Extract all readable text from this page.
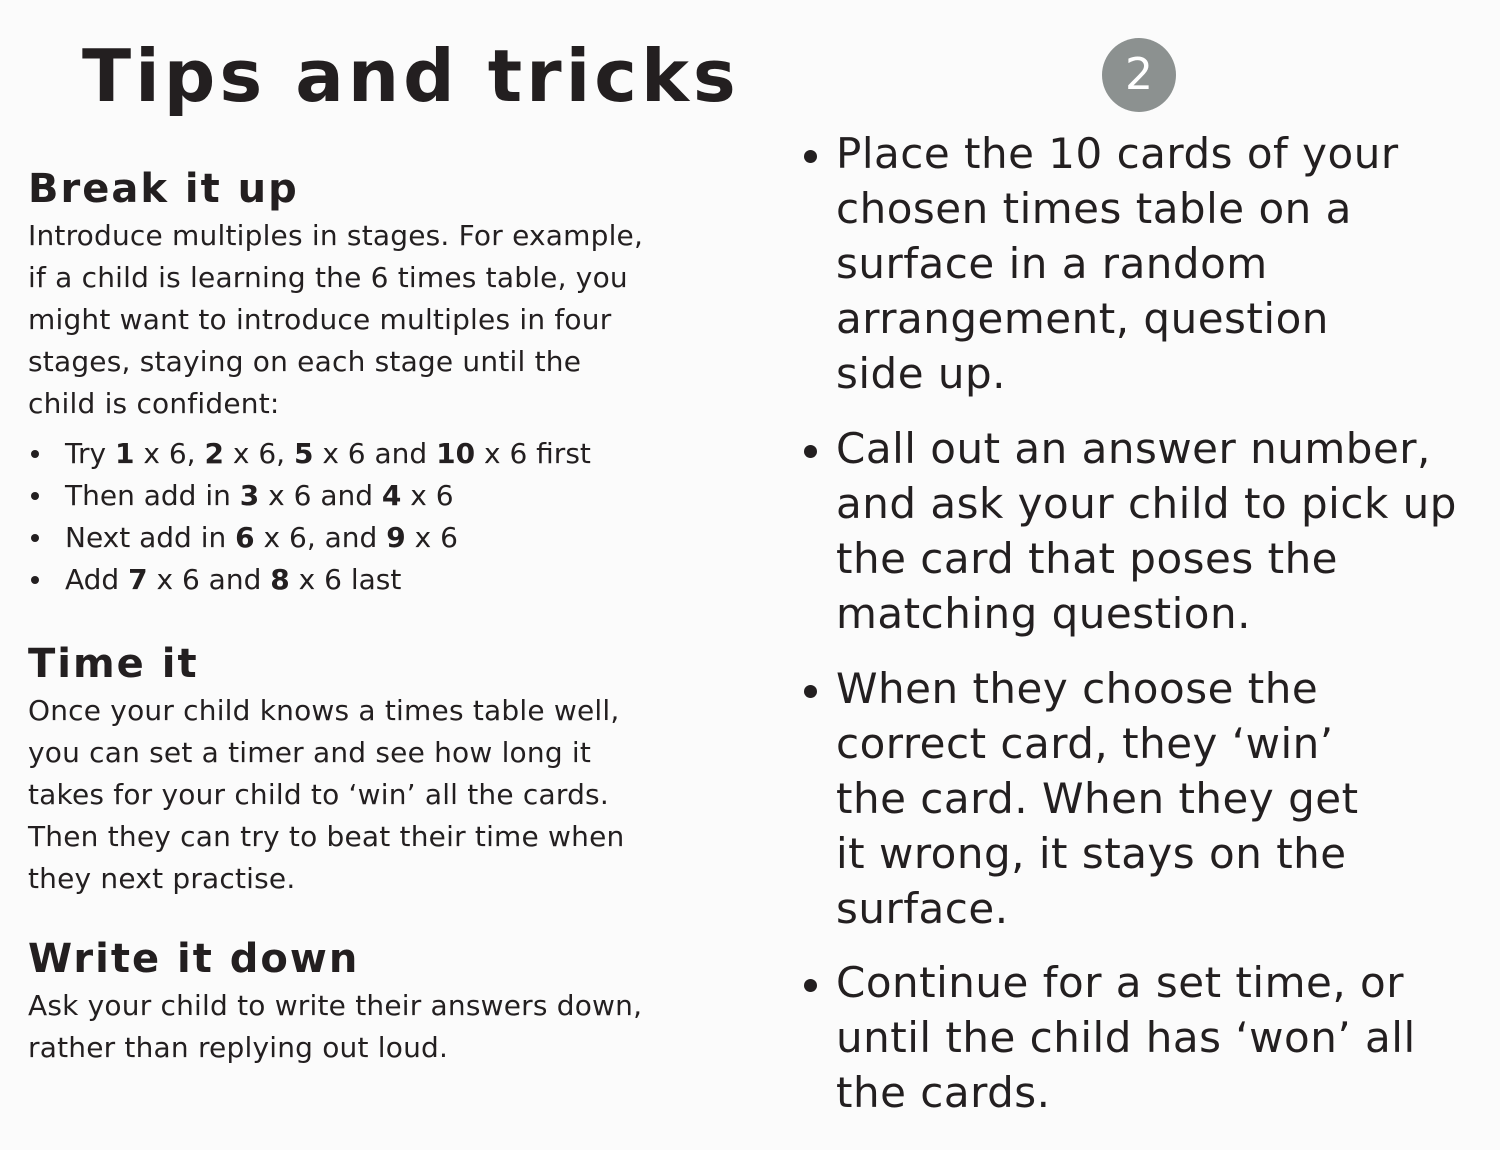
Tips and tricks	2
Break it up

Introduce multiples in stages. For example,
if a child is learning the 6 times table, you
might want to introduce multiples in four
stages, staying on each stage until the
child is confident:

Try 1 x 6, 2 x 6, 5 x 6 and 10 x 6 first
Then add in 3 x 6 and 4 x 6
Next add in 6 x 6, and 9 x 6
Add 7 x 6 and 8 x 6 last
Time it

Once your child knows a times table well,
you can set a timer and see how long it
takes for your child to ‘win’ all the cards.
Then they can try to beat their time when
they next practise.

Write it down

Ask your child to write their answers down,
rather than replying out loud.

Place the 10 cards of your
chosen times table on a
surface in a random
arrangement, question
side up.
Call out an answer number,
and ask your child to pick up
the card that poses the
matching question.
When they choose the
correct card, they ‘win’
the card. When they get
it wrong, it stays on the
surface.
Continue for a set time, or
until the child has ‘won’ all
the cards.
